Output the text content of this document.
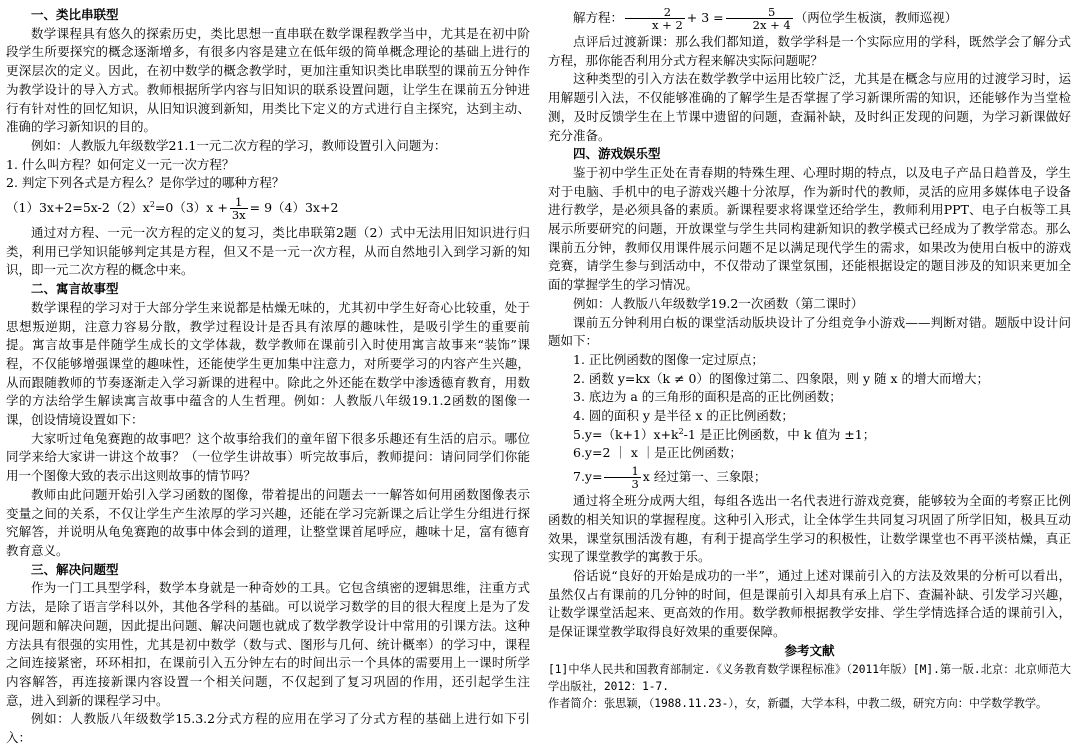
一、类比串联型

数学课程具有悠久的探索历史，类比思想一直串联在数学课程教学当中，尤其是在初中阶段学生所要探究的概念逐渐增多，有很多内容是建立在低年级的简单概念理论的基础上进行的更深层次的定义。因此，在初中数学的概念教学时，更加注重知识类比串联型的课前五分钟作为教学设计的导入方式。教师根据所学内容与旧知识的联系设置问题，让学生在课前五分钟进行有针对性的回忆知识，从旧知识渡到新知，用类比下定义的方式进行自主探究，达到主动、准确的学习新知识的目的。

例如：人教版九年级数学21.1一元二次方程的学习，教师设置引入问题为：

1. 什么叫方程？如何定义一元一次方程？

2. 判定下列各式是方程么？是你学过的哪种方程？

$(1)3x+2=5x-2(2)x^2=0(3)x + \frac{1}{3x} = 9(4)3x+2$

通过对方程、一元一次方程的定义的复习，类比串联第2题（2）式中无法用旧知识进行归类，利用已学知识能够判定其是方程，但又不是一元一次方程，从而自然地引入到学习新的知识，即一元二次方程的概念中来。

二、寓言故事型

数学课程的学习对于大部分学生来说都是枯燥无味的，尤其初中学生好奇心比较重，处于思想叛逆期，注意力容易分散，教学过程设计是否具有浓厚的趣味性，是吸引学生的重要前提。寓言故事是伴随学生成长的文学体裁，数学教师在课前引入时使用寓言故事来“装饰”课程，不仅能够增强课堂的趣味性，还能使学生更加集中注意力，对所要学习的内容产生兴趣，从而跟随教师的节奏逐渐走入学习新课的进程中。除此之外还能在数学中渗透德育教育，用数学的方法给学生解读寓言故事中蕴含的人生哲理。例如：人教版八年级19.1.2函数的图像一课，创设情境设置如下：

大家听过龟兔赛跑的故事吧？这个故事给我们的童年留下很多乐趣还有生活的启示。哪位同学来给大家讲一讲这个故事？（一位学生讲故事）听完故事后，教师提问：请问同学们你能用一个图像大致的表示出这则故事的情节吗？

教师由此问题开始引入学习函数的图像，带着提出的问题去一一解答如何用函数图像表示变量之间的关系，不仅让学生产生浓厚的学习兴趣，还能在学习完新课之后让学生分组进行探究解答，并说明从龟兔赛跑的故事中体会到的道理，让整堂课首尾呼应，趣味十足，富有德育教育意义。

三、解决问题型

作为一门工具型学科，数学本身就是一种奇妙的工具。它包含缜密的逻辑思维，注重方式方法，是除了语言学科以外，其他各学科的基础。可以说学习数学的目的很大程度上是为了发现问题和解决问题，因此提出问题、解决问题也就成了数学教学设计中常用的引课方法。这种方法具有很强的实用性，尤其是初中数学（数与式、图形与几何、统计概率）的学习中，课程之间连接紧密，环环相扣，在课前引入五分钟左右的时间出示一个具体的需要用上一课时所学内容解答，再连接新课内容设置一个相关问题，不仅起到了复习巩固的作用，还引起学生注意，进入到新的课程学习中。

例如：人教版八年级数学15.3.2分式方程的应用在学习了分式方程的基础上进行如下引入：

解方程： $\frac{2}{x + 2} + 3 = \frac{5}{2x + 4}$ （两位学生板演，教师巡视）

点评后过渡新课：那么我们都知道，数学学科是一个实际应用的学科，既然学会了解分式方程，那你能否利用分式方程来解决实际问题呢？

这种类型的引入方法在数学教学中运用比较广泛，尤其是在概念与应用的过渡学习时，运用解题引入法，不仅能够准确的了解学生是否掌握了学习新课所需的知识，还能够作为当堂检测，及时反馈学生在上节课中遗留的问题，查漏补缺，及时纠正发现的问题，为学习新课做好充分准备。

四、游戏娱乐型

鉴于初中学生正处在青春期的特殊生理、心理时期的特点，以及电子产品日趋普及，学生对于电脑、手机中的电子游戏兴趣十分浓厚，作为新时代的教师，灵活的应用多媒体电子设备进行教学，是必须具备的素质。新课程要求将课堂还给学生，教师利用PPT、电子白板等工具展示所要研究的问题，开放课堂与学生共同构建新知识的教学模式已经成为了教学常态。那么课前五分钟，教师仅用课件展示问题不足以满足现代学生的需求，如果改为使用白板中的游戏竞赛，请学生参与到活动中，不仅带动了课堂氛围，还能根据设定的题目涉及的知识来更加全面的掌握学生的学习情况。

例如：人教版八年级数学19.2一次函数（第二课时）

课前五分钟利用白板的课堂活动版块设计了分组竞争小游戏——判断对错。题版中设计问题如下：

1. 正比例函数的图像一定过原点；

2. 函数 y=kx（k ≠ 0）的图像过第二、四象限，则 y 随 x 的增大而增大；

3. 底边为 a 的三角形的面积是高的正比例函数；

4. 圆的面积 y 是半径 x 的正比例函数；

$5.y=(k+1)x+k^2-1$ 是正比例函数，中 k 值为 ±1；

6.y=2 ｜ x ｜是正比例函数；

$7.y= \frac{1}{3}$ x 经过第一、三象限；

通过将全班分成两大组，每组各选出一名代表进行游戏竞赛，能够较为全面的考察正比例函数的相关知识的掌握程度。这种引入形式，让全体学生共同复习巩固了所学旧知，极具互动效果，课堂氛围活泼有趣，有利于提高学生学习的积极性，让数学课堂也不再平淡枯燥，真正实现了课堂教学的寓教于乐。

俗话说“良好的开始是成功的一半”，通过上述对课前引入的方法及效果的分析可以看出，虽然仅占有课前的几分钟的时间，但是课前引入却具有承上启下、查漏补缺、引发学习兴趣，让数学课堂活起来、更高效的作用。数学教师根据教学安排、学生学情选择合适的课前引入，是保证课堂教学取得良好效果的重要保障。

参考文献

[1]中华人民共和国教育部制定.《义务教育数学课程标准》（2011年版）[M].第一版.北京：北京师范大学出版社，2012：1-7.

作者简介：张思颖，（1988.11.23-），女，新疆，大学本科，中教二级，研究方向：中学数学教学。
